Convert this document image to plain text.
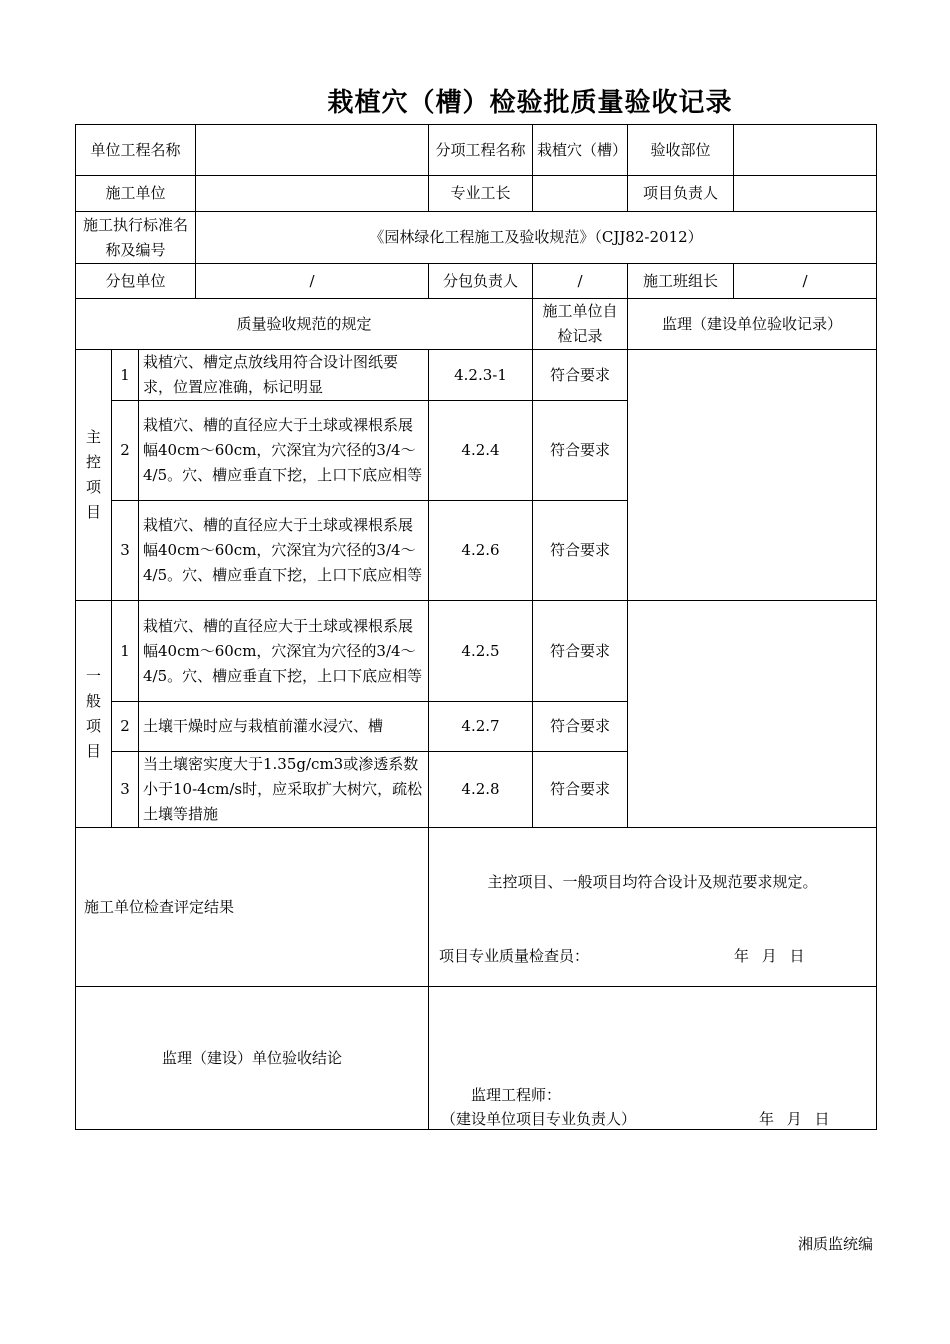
栽植穴（槽）检验批质量验收记录
单位工程名称				分项工程名称	栽植穴（槽）	验收部位	
施工单位				专业工长		项目负责人	
施工执行标准名称及编号			《园林绿化工程施工及验收规范》（CJJ82-2012）				
分包单位			/	分包负责人	/	施工班组长	/
质量验收规范的规定					施工单位自检记录	监理（建设单位验收记录）	
主控项目	1	栽植穴、槽定点放线用符合设计图纸要求，位置应准确，标记明显		4.2.3-1	符合要求		
	2	栽植穴、槽的直径应大于土球或裸根系展幅40cm～60cm，穴深宜为穴径的3/4～4/5。穴、槽应垂直下挖，上口下底应相等		4.2.4	符合要求		
	3	栽植穴、槽的直径应大于土球或裸根系展幅40cm～60cm，穴深宜为穴径的3/4～4/5。穴、槽应垂直下挖，上口下底应相等		4.2.6	符合要求		
一般项目	1	栽植穴、槽的直径应大于土球或裸根系展幅40cm～60cm，穴深宜为穴径的3/4～4/5。穴、槽应垂直下挖，上口下底应相等		4.2.5	符合要求		
	2	土壤干燥时应与栽植前灌水浸穴、槽		4.2.7	符合要求		
	3	当土壤密实度大于1.35g/cm3或渗透系数小于10-4cm/s时，应采取扩大树穴，疏松土壤等措施		4.2.8	符合要求		
施工单位检查评定结果				主控项目、一般项目均符合设计及规范要求规定。
项目专业质量检查员： 年 月 日			

监理（建设）单位验收结论				监理工程师：
（建设单位项目专业负责人） 年 月 日			
湘质监统编
